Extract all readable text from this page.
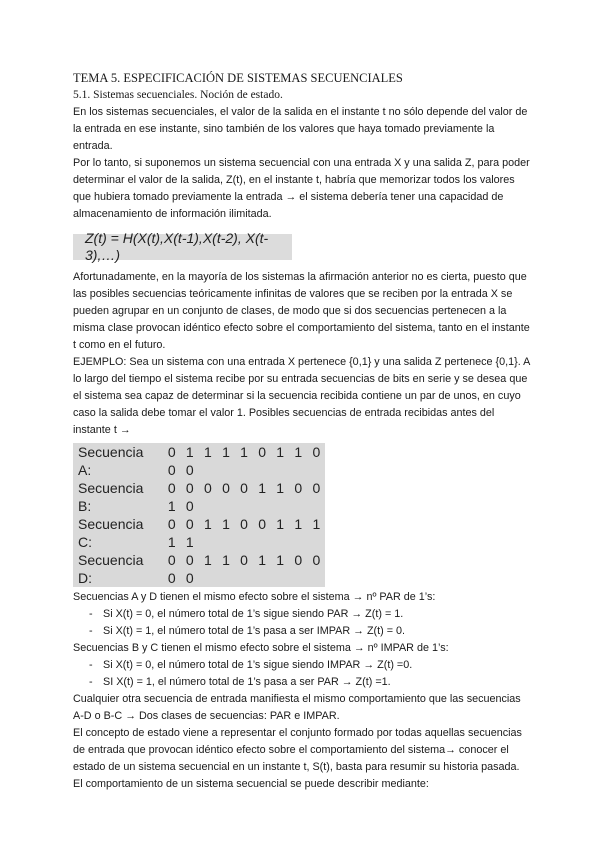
TEMA 5. ESPECIFICACIÓN DE SISTEMAS SECUENCIALES

5.1. Sistemas secuenciales. Noción de estado.

En los sistemas secuenciales, el valor de la salida en el instante t no sólo depende del valor de la entrada en ese instante, sino también de los valores que haya tomado previamente la entrada.

Por lo tanto, si suponemos un sistema secuencial con una entrada X y una salida Z, para poder determinar el valor de la salida, Z(t), en el instante t, habría que memorizar todos los valores que hubiera tomado previamente la entrada → el sistema debería tener una capacidad de almacenamiento de información ilimitada.

Z(t) = H(X(t),X(t-1),X(t-2), X(t-3),…)

Afortunadamente, en la mayoría de los sistemas la afirmación anterior no es cierta, puesto que las posibles secuencias teóricamente infinitas de valores que se reciben por la entrada X se pueden agrupar en un conjunto de clases, de modo que si dos secuencias pertenecen a la misma clase provocan idéntico efecto sobre el comportamiento del sistema, tanto en el instante t como en el futuro.

EJEMPLO: Sea un sistema con una entrada X pertenece {0,1} y una salida Z pertenece {0,1}. A lo largo del tiempo el sistema recibe por su entrada secuencias de bits en serie y se desea que el sistema sea capaz de determinar si la secuencia recibida contiene un par de unos, en cuyo caso la salida debe tomar el valor 1. Posibles secuencias de entrada recibidas antes del instante t →

Secuencia A:	0 1 1 1 1 0 1 1 0 0 0
Secuencia B:	0 0 0 0 0 1 1 0 0 1 0
Secuencia C:	0 0 1 1 0 0 1 1 1 1 1
Secuencia D:	0 0 1 1 0 1 1 0 0 0 0

Secuencias A y D tienen el mismo efecto sobre el sistema → nº PAR de 1’s:

- Si X(t) = 0, el número total de 1’s sigue siendo PAR → Z(t) = 1.
- Si X(t) = 1, el número total de 1’s pasa a ser IMPAR → Z(t) = 0.

Secuencias B y C tienen el mismo efecto sobre el sistema → nº IMPAR de 1’s:

- Si X(t) = 0, el número total de 1’s sigue siendo IMPAR → Z(t) =0.
- SI X(t) = 1, el número total de 1’s pasa a ser PAR → Z(t) =1.

Cualquier otra secuencia de entrada manifiesta el mismo comportamiento que las secuencias A-D o B-C → Dos clases de secuencias: PAR e IMPAR.

El concepto de estado viene a representar el conjunto formado por todas aquellas secuencias de entrada que provocan idéntico efecto sobre el comportamiento del sistema→ conocer el estado de un sistema secuencial en un instante t, S(t), basta para resumir su historia pasada.

El comportamiento de un sistema secuencial se puede describir mediante:
